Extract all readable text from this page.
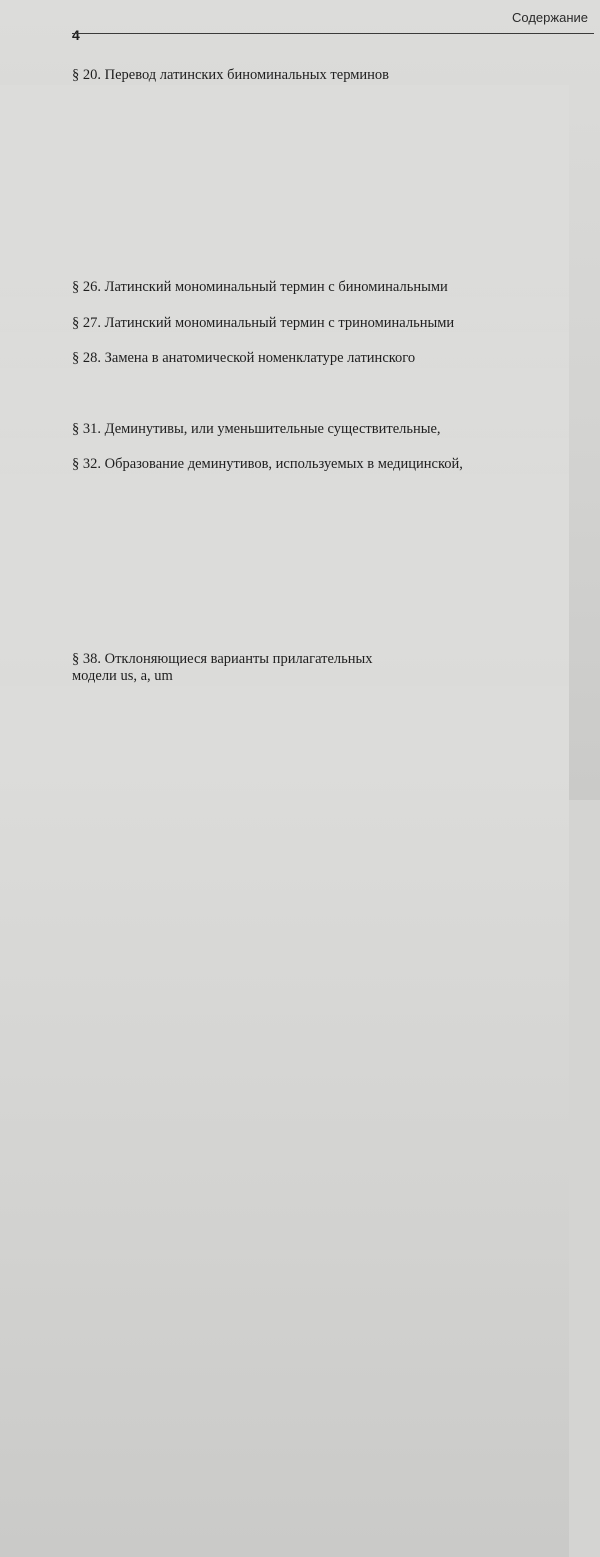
Содержание
4
§ 20. Перевод латинских биноминальных терминов
§ 26. Латинский мономинальный термин с биноминальными
§ 27. Латинский мономинальный термин с триноминальными
§ 28. Замена в анатомической номенклатуре латинского
§ 31. Деминутивы, или уменьшительные существительные,
§ 32. Образование деминутивов, используемых в медицинской,
§ 38. Отклоняющиеся варианты прилагательных
модели us, a, um
